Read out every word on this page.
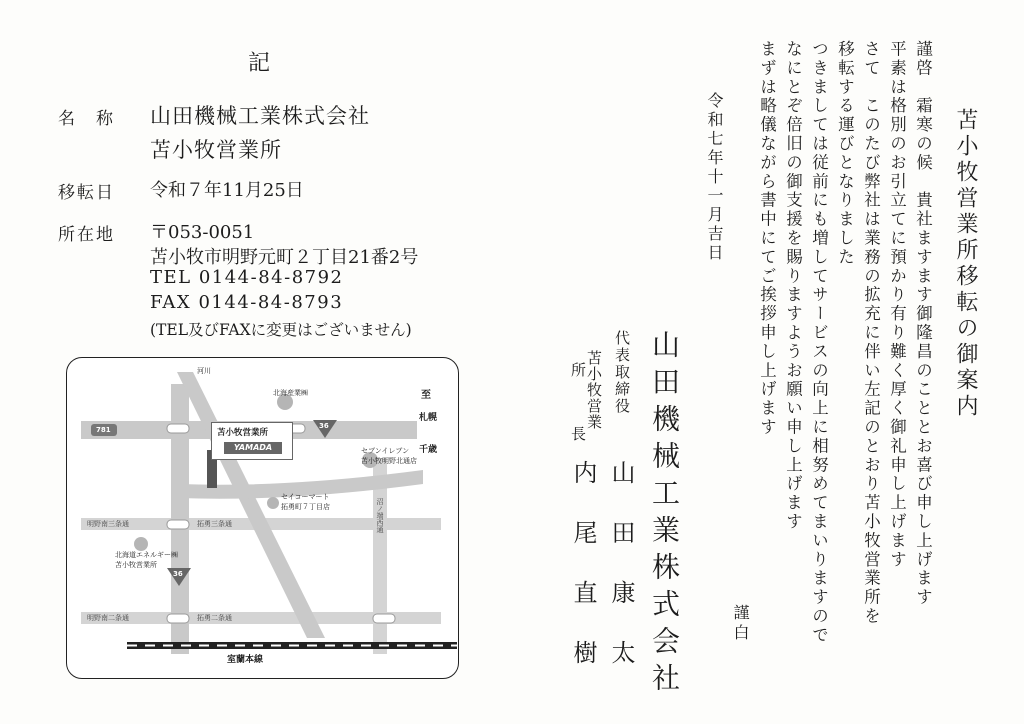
記
名　称 山田機械工業株式会社
苫小牧営業所
移転日 令和７年11月25日
所在地 〒053-0051
苫小牧市明野元町２丁目21番2号
TEL 0144-84-8792
FAX 0144-84-8793
(TEL及びFAXに変更はございません)
河川
781	36
36
北海産業㈱
セブンイレブン
苫小牧明野北通店
セイコーマート
拓勇町７丁目店
北海道エネルギー㈱
苫小牧営業所
至
札幌
千歳
明野南三条通	拓勇三条通
明野南二条通	拓勇二条通
沼ノ端西通
室蘭本線
苫小牧営業所
YAMADA
苫小牧営業所移転の御案内
謹啓　霜寒の候　貴社ますます御隆昌のこととお喜び申し上げます
平素は格別のお引立てに預かり有り難く厚く御礼申し上げます
さて　このたび弊社は業務の拡充に伴い左記のとおり苫小牧営業所を
移転する運びとなりました
つきましては従前にも増してサービスの向上に相努めてまいりますので
なにとぞ倍旧の御支援を賜りますようお願い申し上げます
まずは略儀ながら書中にてご挨拶申し上げます
謹白
令和七年十一月吉日
山田機械工業株式会社
代表取締役
山田康太
苫小牧営業
所　　　長
内尾直樹
